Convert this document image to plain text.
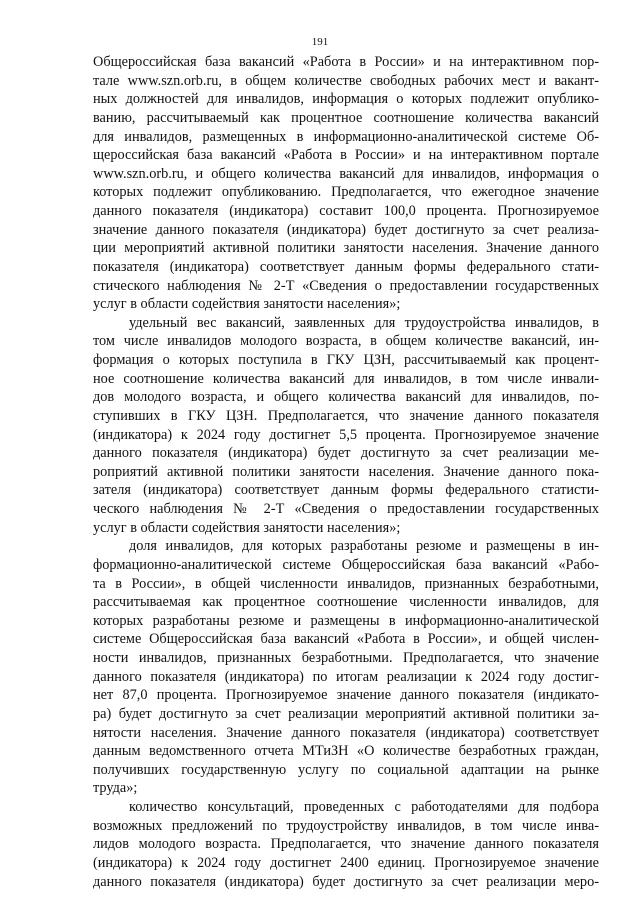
191
Общероссийская база вакансий «Работа в России» и на интерактивном пор-
тале www.szn.orb.ru, в общем количестве свободных рабочих мест и вакант-
ных должностей для инвалидов, информация о которых подлежит опублико-
ванию, рассчитываемый как процентное соотношение количества вакансий
для инвалидов, размещенных в информационно-аналитической системе Об-
щероссийская база вакансий «Работа в России» и на интерактивном портале
www.szn.orb.ru, и общего количества вакансий для инвалидов, информация о
которых подлежит опубликованию. Предполагается, что ежегодное значение
данного показателя (индикатора) составит 100,0 процента. Прогнозируемое
значение данного показателя (индикатора) будет достигнуто за счет реализа-
ции мероприятий активной политики занятости населения. Значение данного
показателя (индикатора) соответствует данным формы федерального стати-
стического наблюдения № 2-Т «Сведения о предоставлении государственных
услуг в области содействия занятости населения»;
удельный вес вакансий, заявленных для трудоустройства инвалидов, в
том числе инвалидов молодого возраста, в общем количестве вакансий, ин-
формация о которых поступила в ГКУ ЦЗН, рассчитываемый как процент-
ное соотношение количества вакансий для инвалидов, в том числе инвали-
дов молодого возраста, и общего количества вакансий для инвалидов, по-
ступивших в ГКУ ЦЗН. Предполагается, что значение данного показателя
(индикатора) к 2024 году достигнет 5,5 процента. Прогнозируемое значение
данного показателя (индикатора) будет достигнуто за счет реализации ме-
роприятий активной политики занятости населения. Значение данного пока-
зателя (индикатора) соответствует данным формы федерального статисти-
ческого наблюдения № 2-Т «Сведения о предоставлении государственных
услуг в области содействия занятости населения»;
доля инвалидов, для которых разработаны резюме и размещены в ин-
формационно-аналитической системе Общероссийская база вакансий «Рабо-
та в России», в общей численности инвалидов, признанных безработными,
рассчитываемая как процентное соотношение численности инвалидов, для
которых разработаны резюме и размещены в информационно-аналитической
системе Общероссийская база вакансий «Работа в России», и общей числен-
ности инвалидов, признанных безработными. Предполагается, что значение
данного показателя (индикатора) по итогам реализации к 2024 году достиг-
нет 87,0 процента. Прогнозируемое значение данного показателя (индикато-
ра) будет достигнуто за счет реализации мероприятий активной политики за-
нятости населения. Значение данного показателя (индикатора) соответствует
данным ведомственного отчета МТиЗН «О количестве безработных граждан,
получивших государственную услугу по социальной адаптации на рынке
труда»;
количество консультаций, проведенных с работодателями для подбора
возможных предложений по трудоустройству инвалидов, в том числе инва-
лидов молодого возраста. Предполагается, что значение данного показателя
(индикатора) к 2024 году достигнет 2400 единиц. Прогнозируемое значение
данного показателя (индикатора) будет достигнуто за счет реализации меро-
